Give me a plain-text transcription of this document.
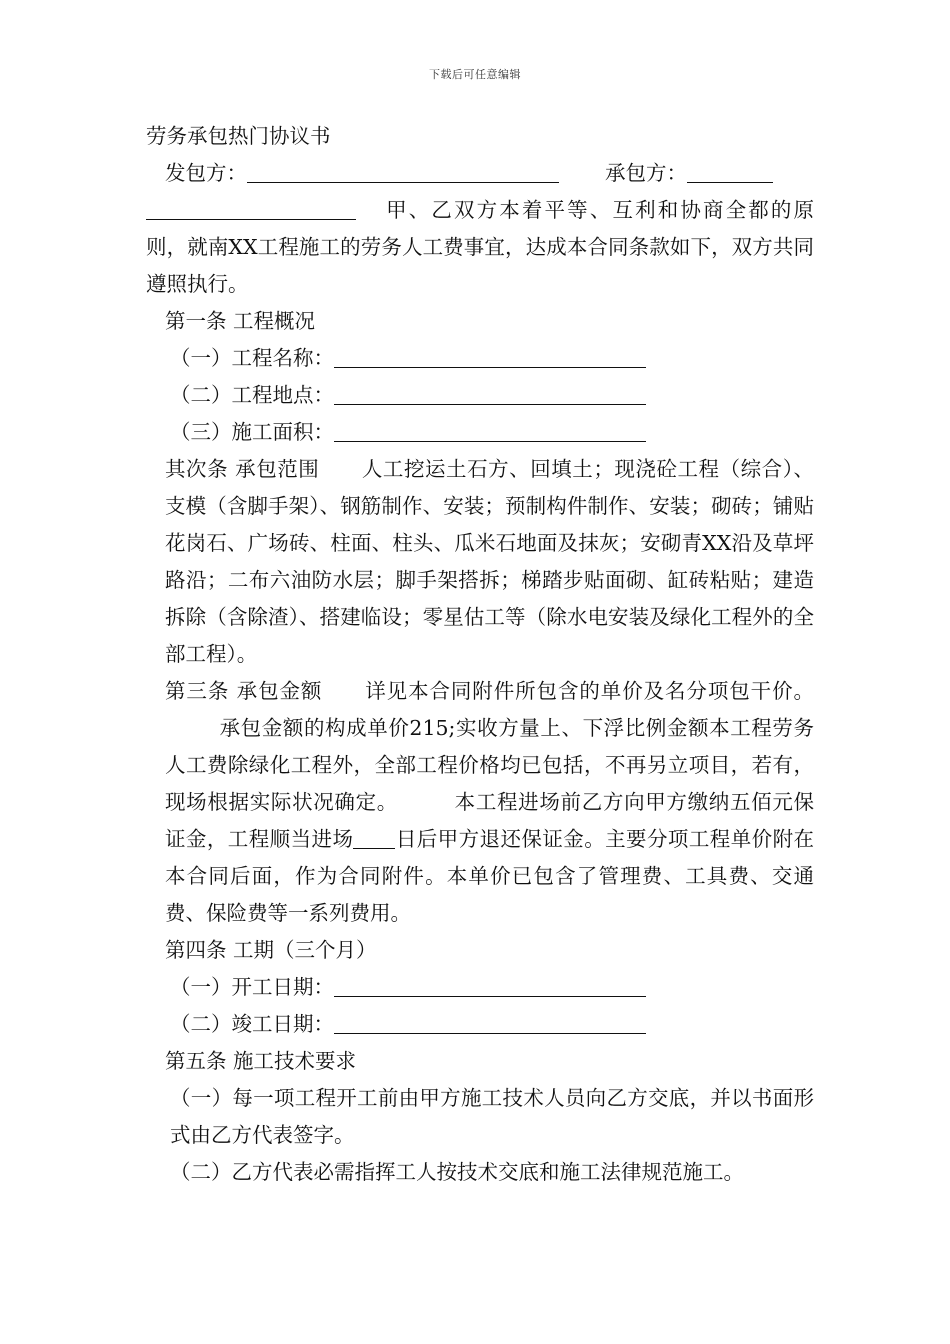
下载后可任意编辑

劳务承包热门协议书

发包方：	承包方：

甲、乙双方本着平等、互利和协商全都的原则，就南XX工程施工的劳务人工费事宜，达成本合同条款如下，双方共同遵照执行。

第一条 工程概况

（一）工程名称：

（二）工程地点：

（三）施工面积：

其次条 承包范围 人工挖运土石方、回填土；现浇砼工程（综合）、支模（含脚手架）、钢筋制作、安装；预制构件制作、安装；砌砖；铺贴花岗石、广场砖、柱面、柱头、瓜米石地面及抹灰；安砌青XX沿及草坪路沿；二布六油防水层；脚手架搭拆；梯踏步贴面砌、缸砖粘贴；建造拆除（含除渣）、搭建临设；零星估工等（除水电安装及绿化工程外的全部工程）。

第三条 承包金额 详见本合同附件所包含的单价及名分项包干价。承包金额的构成单价215;实收方量上、下浮比例金额本工程劳务人工费除绿化工程外，全部工程价格均已包括，不再另立项目，若有，现场根据实际状况确定。	本工程进场前乙方向甲方缴纳五佰元保证金，工程顺当进场 日后甲方退还保证金。主要分项工程单价附在本合同后面，作为合同附件。本单价已包含了管理费、工具费、交通费、保险费等一系列费用。

第四条 工期（三个月）

（一）开工日期：

（二）竣工日期：

第五条 施工技术要求

（一）每一项工程开工前由甲方施工技术人员向乙方交底，并以书面形式由乙方代表签字。

（二）乙方代表必需指挥工人按技术交底和施工法律规范施工。
